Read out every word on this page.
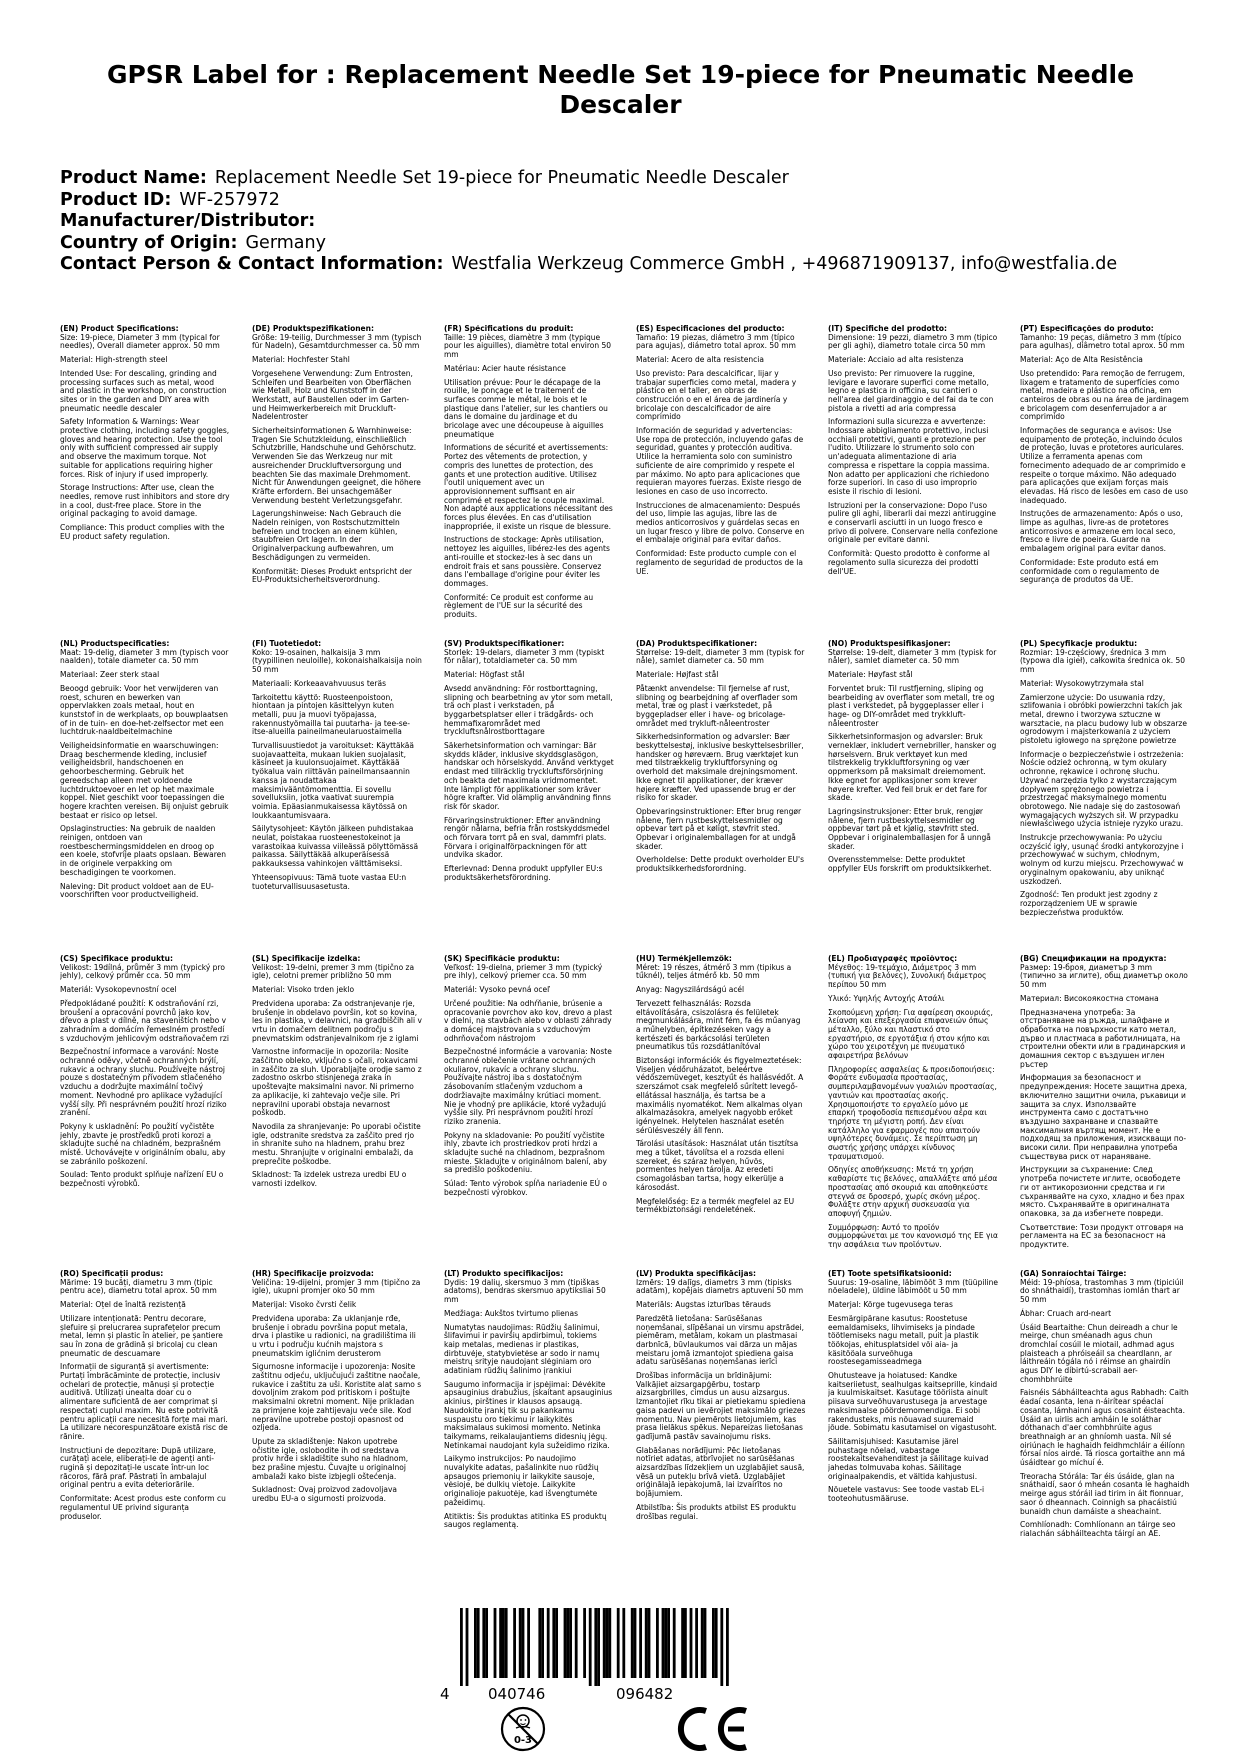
GPSR Label for : Replacement Needle Set 19-piece for Pneumatic Needle Descaler
Product Name: Replacement Needle Set 19-piece for Pneumatic Needle Descaler
Product ID: WF-257972
Manufacturer/Distributor:
Country of Origin: Germany
Contact Person & Contact Information: Westfalia Werkzeug Commerce GmbH , +496871909137, info@westfalia.de

(EN) Product Specifications:

Size: 19-piece, Diameter 3 mm (typical for needles), Overall diameter approx. 50 mm

Material: High-strength steel

Intended Use: For descaling, grinding and processing surfaces such as metal, wood and plastic in the workshop, on construction sites or in the garden and DIY area with pneumatic needle descaler

Safety Information & Warnings: Wear protective clothing, including safety goggles, gloves and hearing protection. Use the tool only with sufficient compressed air supply and observe the maximum torque. Not suitable for applications requiring higher forces. Risk of injury if used improperly.

Storage Instructions: After use, clean the needles, remove rust inhibitors and store dry in a cool, dust-free place. Store in the original packaging to avoid damage.

Compliance: This product complies with the EU product safety regulation.

(DE) Produktspezifikationen:

Größe: 19-teilig, Durchmesser 3 mm (typisch für Nadeln), Gesamtdurchmesser ca. 50 mm

Material: Hochfester Stahl

Vorgesehene Verwendung: Zum Entrosten, Schleifen und Bearbeiten von Oberflächen wie Metall, Holz und Kunststoff in der Werkstatt, auf Baustellen oder im Garten- und Heimwerkerbereich mit Druckluft-Nadelentroster

Sicherheitsinformationen & Warnhinweise: Tragen Sie Schutzkleidung, einschließlich Schutzbrille, Handschuhe und Gehörschutz. Verwenden Sie das Werkzeug nur mit ausreichender Druckluftversorgung und beachten Sie das maximale Drehmoment. Nicht für Anwendungen geeignet, die höhere Kräfte erfordern. Bei unsachgemäßer Verwendung besteht Verletzungsgefahr.

Lagerungshinweise: Nach Gebrauch die Nadeln reinigen, von Rostschutzmitteln befreien und trocken an einem kühlen, staubfreien Ort lagern. In der Originalverpackung aufbewahren, um Beschädigungen zu vermeiden.

Konformität: Dieses Produkt entspricht der EU-Produktsicherheitsverordnung.

(FR) Spécifications du produit:

Taille: 19 pièces, diamètre 3 mm (typique pour les aiguilles), diamètre total environ 50 mm

Matériau: Acier haute résistance

Utilisation prévue: Pour le décapage de la rouille, le ponçage et le traitement de surfaces comme le métal, le bois et le plastique dans l'atelier, sur les chantiers ou dans le domaine du jardinage et du bricolage avec une découpeuse à aiguilles pneumatique

Informations de sécurité et avertissements: Portez des vêtements de protection, y compris des lunettes de protection, des gants et une protection auditive. Utilisez l'outil uniquement avec un approvisionnement suffisant en air comprimé et respectez le couple maximal. Non adapté aux applications nécessitant des forces plus élevées. En cas d'utilisation inappropriée, il existe un risque de blessure.

Instructions de stockage: Après utilisation, nettoyez les aiguilles, libérez-les des agents anti-rouille et stockez-les à sec dans un endroit frais et sans poussière. Conservez dans l'emballage d'origine pour éviter les dommages.

Conformité: Ce produit est conforme au règlement de l'UE sur la sécurité des produits.

(ES) Especificaciones del producto:

Tamaño: 19 piezas, diámetro 3 mm (típico para agujas), diámetro total aprox. 50 mm

Material: Acero de alta resistencia

Uso previsto: Para descalcificar, lijar y trabajar superficies como metal, madera y plástico en el taller, en obras de construcción o en el área de jardinería y bricolaje con descalcificador de aire comprimido

Información de seguridad y advertencias: Use ropa de protección, incluyendo gafas de seguridad, guantes y protección auditiva. Utilice la herramienta solo con suministro suficiente de aire comprimido y respete el par máximo. No apto para aplicaciones que requieran mayores fuerzas. Existe riesgo de lesiones en caso de uso incorrecto.

Instrucciones de almacenamiento: Después del uso, limpie las agujas, libre las de medios anticorrosivos y guárdelas secas en un lugar fresco y libre de polvo. Conserve en el embalaje original para evitar daños.

Conformidad: Este producto cumple con el reglamento de seguridad de productos de la UE.

(IT) Specifiche del prodotto:

Dimensione: 19 pezzi, diametro 3 mm (tipico per gli aghi), diametro totale circa 50 mm

Materiale: Acciaio ad alta resistenza

Uso previsto: Per rimuovere la ruggine, levigare e lavorare superfici come metallo, legno e plastica in officina, su cantieri o nell'area del giardinaggio e del fai da te con pistola a rivetti ad aria compressa

Informazioni sulla sicurezza e avvertenze: Indossare abbigliamento protettivo, inclusi occhiali protettivi, guanti e protezione per l'udito. Utilizzare lo strumento solo con un'adeguata alimentazione di aria compressa e rispettare la coppia massima. Non adatto per applicazioni che richiedono forze superiori. In caso di uso improprio esiste il rischio di lesioni.

Istruzioni per la conservazione: Dopo l'uso pulire gli aghi, liberarli dai mezzi antiruggine e conservarli asciutti in un luogo fresco e privo di polvere. Conservare nella confezione originale per evitare danni.

Conformità: Questo prodotto è conforme al regolamento sulla sicurezza dei prodotti dell'UE.

(PT) Especificações do produto:

Tamanho: 19 peças, diâmetro 3 mm (típico para agulhas), diâmetro total aprox. 50 mm

Material: Aço de Alta Resistência

Uso pretendido: Para remoção de ferrugem, lixagem e tratamento de superfícies como metal, madeira e plástico na oficina, em canteiros de obras ou na área de jardinagem e bricolagem com desenferrujador a ar comprimido

Informações de segurança e avisos: Use equipamento de proteção, incluindo óculos de proteção, luvas e protetores auriculares. Utilize a ferramenta apenas com fornecimento adequado de ar comprimido e respeite o torque máximo. Não adequado para aplicações que exijam forças mais elevadas. Há risco de lesões em caso de uso inadequado.

Instruções de armazenamento: Após o uso, limpe as agulhas, livre-as de protetores anticorrosivos e armazene em local seco, fresco e livre de poeira. Guarde na embalagem original para evitar danos.

Conformidade: Este produto está em conformidade com o regulamento de segurança de produtos da UE.

(NL) Productspecificaties:

Maat: 19-delig, diameter 3 mm (typisch voor naalden), totale diameter ca. 50 mm

Materiaal: Zeer sterk staal

Beoogd gebruik: Voor het verwijderen van roest, schuren en bewerken van oppervlakken zoals metaal, hout en kunststof in de werkplaats, op bouwplaatsen of in de tuin- en doe-het-zelfsector met een luchtdruk-naaldbeitelmachine

Veiligheidsinformatie en waarschuwingen: Draag beschermende kleding, inclusief veiligheidsbril, handschoenen en gehoorbescherming. Gebruik het gereedschap alleen met voldoende luchtdruktoevoer en let op het maximale koppel. Niet geschikt voor toepassingen die hogere krachten vereisen. Bij onjuist gebruik bestaat er risico op letsel.

Opslaginstructies: Na gebruik de naalden reinigen, ontdoen van roestbeschermingsmiddelen en droog op een koele, stofvrije plaats opslaan. Bewaren in de originele verpakking om beschadigingen te voorkomen.

Naleving: Dit product voldoet aan de EU-voorschriften voor productveiligheid.

(FI) Tuotetiedot:

Koko: 19-osainen, halkaisija 3 mm (tyypillinen neuloille), kokonaishalkaisija noin 50 mm

Materiaali: Korkeaavahvuusus teräs

Tarkoitettu käyttö: Ruosteenpoistoon, hiontaan ja pintojen käsittelyyn kuten metalli, puu ja muovi työpajassa, rakennustyömailla tai puutarha- ja tee-se-itse-alueilla paineilmaneularuostaimella

Turvallisuustiedot ja varoitukset: Käyttäkää suojavaatteita, mukaan lukien suojalasit, käsineet ja kuulonsuojaimet. Käyttäkää työkalua vain riittävän paineilmansaannin kanssa ja noudattakaa maksimivääntömomenttia. Ei sovellu sovelluksiin, jotka vaativat suurempia voimia. Epäasianmukaisessa käytössä on loukkaantumisvaara.

Säilytysohjeet: Käytön jälkeen puhdistakaa neulat, poistakaa ruosteenestokeinot ja varastoikaa kuivassa viileässä pölyttömässä paikassa. Säilyttäkää alkuperäisessä pakkauksessa vahinkojen välttämiseksi.

Yhteensopivuus: Tämä tuote vastaa EU:n tuoteturvallisuusasetusta.

(SV) Produktspecifikationer:

Storlek: 19-delars, diameter 3 mm (typiskt för nålar), totaldiameter ca. 50 mm

Material: Högfast stål

Avsedd användning: För rostborttagning, slipning och bearbetning av ytor som metall, trä och plast i verkstaden, på byggarbetsplatser eller i trädgårds- och hemmafixarområdet med tryckluftsnålrostborttagare

Säkerhetsinformation och varningar: Bär skydds kläder, inklusive skyddsglasögon, handskar och hörselskydd. Använd verktyget endast med tillräcklig tryckluftsförsörjning och beakta det maximala vridmomentet. Inte lämpligt för applikationer som kräver högre krafter. Vid olämplig användning finns risk för skador.

Förvaringsinstruktioner: Efter användning rengör nålarna, befria från rostskyddsmedel och förvara torrt på en sval, dammfri plats. Förvara i originalförpackningen för att undvika skador.

Efterlevnad: Denna produkt uppfyller EU:s produktsäkerhetsförordning.

(DA) Produktspecifikationer:

Størrelse: 19-delt, diameter 3 mm (typisk for nåle), samlet diameter ca. 50 mm

Materiale: Højfast stål

Påtænkt anvendelse: Til fjernelse af rust, slibning og bearbejdning af overflader som metal, træ og plast i værkstedet, på byggepladser eller i have- og bricolage-området med trykluft-nåleentroster

Sikkerhedsinformation og advarsler: Bær beskyttelsestøj, inklusive beskyttelsesbriller, handsker og høreværn. Brug værktøjet kun med tilstrækkelig trykluftforsyning og overhold det maksimale drejningsmoment. Ikke egnet til applikationer, der kræver højere kræfter. Ved upassende brug er der risiko for skader.

Opbevaringsinstruktioner: Efter brug rengør nålene, fjern rustbeskyttelsesmidler og opbevar tørt på et køligt, støvfrit sted. Opbevar i originalemballagen for at undgå skader.

Overholdelse: Dette produkt overholder EU's produktsikkerhedsforordning.

(NO) Produktspesifikasjoner:

Størrelse: 19-delt, diameter 3 mm (typisk for nåler), samlet diameter ca. 50 mm

Materiale: Høyfast stål

Forventet bruk: Til rustfjerning, sliping og bearbeiding av overflater som metall, tre og plast i verkstedet, på byggeplasser eller i hage- og DIY-området med trykkluft-nåleentroster

Sikkerhetsinformasjon og advarsler: Bruk verneklær, inkludert vernebriller, hansker og hørselsvern. Bruk verktøyet kun med tilstrekkelig trykkluftforsyning og vær oppmerksom på maksimalt dreiemoment. Ikke egnet for applikasjoner som krever høyere krefter. Ved feil bruk er det fare for skade.

Lagringsinstruksjoner: Etter bruk, rengjør nålene, fjern rustbeskyttelsesmidler og oppbevar tørt på et kjølig, støvfritt sted. Oppbevar i originalemballasjen for å unngå skader.

Overensstemmelse: Dette produktet oppfyller EUs forskrift om produktsikkerhet.

(PL) Specyfikacje produktu:

Rozmiar: 19-częściowy, średnica 3 mm (typowa dla igieł), całkowita średnica ok. 50 mm

Materiał: Wysokowytrzymała stal

Zamierzone użycie: Do usuwania rdzy, szlifowania i obróbki powierzchni takich jak metal, drewno i tworzywa sztuczne w warsztacie, na placu budowy lub w obszarze ogrodowym i majsterkowania z użyciem pistoletu igłowego na sprężone powietrze

Informacje o bezpieczeństwie i ostrzeżenia: Noście odzież ochronną, w tym okulary ochronne, rękawice i ochronę słuchu. Używać narzędzia tylko z wystarczającym dopływem sprężonego powietrza i przestrzegać maksymalnego momentu obrotowego. Nie nadaje się do zastosowań wymagających wyższych sił. W przypadku niewłaściwego użycia istnieje ryzyko urazu.

Instrukcje przechowywania: Po użyciu oczyścić igły, usunąć środki antykorozyjne i przechowywać w suchym, chłodnym, wolnym od kurzu miejscu. Przechowywać w oryginalnym opakowaniu, aby uniknąć uszkodzeń.

Zgodność: Ten produkt jest zgodny z rozporządzeniem UE w sprawie bezpieczeństwa produktów.

(CS) Specifikace produktu:

Velikost: 19dílná, průměr 3 mm (typický pro jehly), celkový průměr cca. 50 mm

Materiál: Vysokopevnostní ocel

Předpokládané použití: K odstraňování rzi, broušení a opracování povrchů jako kov, dřevo a plast v dílně, na staveništích nebo v zahradním a domácím řemeslném prostředí s vzduchovým jehlicovým odstraňovačem rzi

Bezpečnostní informace a varování: Noste ochranné oděvy, včetně ochranných brýlí, rukavic a ochrany sluchu. Používejte nástroj pouze s dostatečným přívodem stlačeného vzduchu a dodržujte maximální točivý moment. Nevhodné pro aplikace vyžadující vyšší síly. Při nesprávném použití hrozí riziko zranění.

Pokyny k uskladnění: Po použití vyčistěte jehly, zbavte je prostředků proti korozi a skladujte suché na chladném, bezprašném místě. Uchovávejte v originálním obalu, aby se zabránilo poškození.

Soulad: Tento produkt splňuje nařízení EU o bezpečnosti výrobků.

(SL) Specifikacije izdelka:

Velikost: 19-delni, premer 3 mm (tipično za igle), celotni premer približno 50 mm

Material: Visoko trden jeklo

Predvidena uporaba: Za odstranjevanje rje, brušenje in obdelavo površin, kot so kovina, les in plastika, v delavnici, na gradbiščih ali v vrtu in domačem delitnem področju s pnevmatskim odstranjevalnikom rje z iglami

Varnostne informacije in opozorila: Nosite zaščitno obleko, vključno s očali, rokavicami in zaščito za sluh. Uporabljajte orodje samo z zadostno oskrbo stisnjenega zraka in upoštevajte maksimalni navor. Ni primerno za aplikacije, ki zahtevajo večje sile. Pri nepravilni uporabi obstaja nevarnost poškodb.

Navodila za shranjevanje: Po uporabi očistite igle, odstranite sredstva za zaščito pred rjo in shranite suho na hladnem, prahu brez mestu. Shranjujte v originalni embalaži, da preprečite poškodbe.

Skladnost: Ta izdelek ustreza uredbi EU o varnosti izdelkov.

(SK) Špecifikácie produktu:

Veľkosť: 19-dielna, priemer 3 mm (typický pre ihly), celkový priemer cca. 50 mm

Materiál: Vysoko pevná oceľ

Určené použitie: Na odhŕňanie, brúsenie a opracovanie povrchov ako kov, drevo a plast v dielni, na stavbách alebo v oblasti záhrady a domácej majstrovania s vzduchovým odhrňovačom nástrojom

Bezpečnostné informácie a varovania: Noste ochranné oblečenie vrátane ochranných okuliarov, rukavíc a ochrany sluchu. Používajte nástroj iba s dostatočným zásobovaním stlačeným vzduchom a dodržiavajte maximálny krútiaci moment. Nie je vhodný pre aplikácie, ktoré vyžadujú vyššie sily. Pri nesprávnom použití hrozí riziko zranenia.

Pokyny na skladovanie: Po použití vyčistite ihly, zbavte ich prostriedkov proti hrdzi a skladujte suché na chladnom, bezprašnom mieste. Skladujte v originálnom balení, aby sa predišlo poškodeniu.

Súlad: Tento výrobok spĺňa nariadenie EÚ o bezpečnosti výrobkov.

(HU) Termékjellemzők:

Méret: 19 részes, átmérő 3 mm (tipikus a tűknél), teljes átmérő kb. 50 mm

Anyag: Nagyszilárdságú acél

Tervezett felhasználás: Rozsda eltávolítására, csiszolásra és felületek megmunkálására, mint fém, fa és műanyag a műhelyben, építkezéseken vagy a kertészeti és barkácsolási területen pneumatikus tűs rozsdátlanítóval

Biztonsági információk és figyelmeztetések: Viseljen védőruházatot, beleértve védőszemüveget, kesztyűt és hallásvédőt. A szerszámot csak megfelelő sűrített levegő-ellátással használja, és tartsa be a maximális nyomatékot. Nem alkalmas olyan alkalmazásokra, amelyek nagyobb erőket igényelnek. Helytelen használat esetén sérülésveszély áll fenn.

Tárolási utasítások: Használat után tisztítsa meg a tűket, távolítsa el a rozsda elleni szereket, és száraz helyen, hűvös, pormentes helyen tárolja. Az eredeti csomagolásban tartsa, hogy elkerülje a károsodást.

Megfelelőség: Ez a termék megfelel az EU termékbiztonsági rendeletének.

(EL) Προδιαγραφές προϊόντος:

Μέγεθος: 19-τεμάχιο, Διάμετρος 3 mm (τυπική για βελόνες), Συνολική διάμετρος περίπου 50 mm

Υλικό: Υψηλής Αντοχής Ατσάλι

Σκοπούμενη χρήση: Για αφαίρεση σκουριάς, λείανση και επεξεργασία επιφανειών όπως μέταλλο, ξύλο και πλαστικό στο εργαστήριο, σε εργοτάξια ή στον κήπο και χώρο του χειροτέχνη με πνευματικό αφαιρετήρα βελόνων

Πληροφορίες ασφαλείας & προειδοποιήσεις: Φοράτε ενδυμασία προστασίας, συμπεριλαμβανομένων γυαλιών προστασίας, γαντιών και προστασίας ακοής. Χρησιμοποιήστε το εργαλείο μόνο με επαρκή τροφοδοσία πεπιεσμένου αέρα και τηρήστε τη μέγιστη ροπή. Δεν είναι κατάλληλο για εφαρμογές που απαιτούν υψηλότερες δυνάμεις. Σε περίπτωση μη σωστής χρήσης υπάρχει κίνδυνος τραυματισμού.

Οδηγίες αποθήκευσης: Μετά τη χρήση καθαρίστε τις βελόνες, απαλλάξτε από μέσα προστασίας από σκουριά και αποθηκεύστε στεγνά σε δροσερό, χωρίς σκόνη μέρος. Φυλάξτε στην αρχική συσκευασία για αποφυγή ζημιών.

Συμμόρφωση: Αυτό το προϊόν συμμορφώνεται με τον κανονισμό της ΕΕ για την ασφάλεια των προϊόντων.

(BG) Спецификации на продукта:

Размер: 19-броя, диаметър 3 mm (типично за иглите), общ диаметър около 50 mm

Материал: Високоякостна стомана

Предназначена употреба: За отстраняване на ръжда, шлайфане и обработка на повърхности като метал, дърво и пластмаса в работилницата, на строителни обекти или в градинарския и домашния сектор с въздушен иглен ръстер

Информация за безопасност и предупреждения: Носете защитна дреха, включително защитни очила, ръкавици и защита за слух. Използвайте инструмента само с достатъчно въздушно захранване и спазвайте максималния въртящ момент. Не е подходящ за приложения, изискващи по-високи сили. При неправилна употреба съществува риск от нараняване.

Инструкции за съхранение: След употреба почистете иглите, освободете ги от антикорозионни средства и ги съхранявайте на сухо, хладно и без прах място. Съхранявайте в оригиналната опаковка, за да избегнете повреди.

Съответствие: Този продукт отговаря на регламента на ЕС за безопасност на продуктите.

(RO) Specificații produs:

Mărime: 19 bucăți, diametru 3 mm (tipic pentru ace), diametru total aprox. 50 mm

Material: Oțel de înaltă rezistență

Utilizare intenționată: Pentru decorare, șlefuire și prelucrarea suprafețelor precum metal, lemn și plastic în atelier, pe șantiere sau în zona de grădină și bricolaj cu clean pneumatic de descuamare

Informații de siguranță și avertismente: Purtați îmbrăcăminte de protecție, inclusiv ochelari de protecție, mănuși și protecție auditivă. Utilizați unealta doar cu o alimentare suficientă de aer comprimat și respectați cuplul maxim. Nu este potrivită pentru aplicații care necesită forțe mai mari. La utilizare necorespunzătoare există risc de rănire.

Instrucțiuni de depozitare: După utilizare, curățați acele, eliberați-le de agenți anti-rugină și depozitați-le uscate într-un loc răcoros, fără praf. Păstrați în ambalajul original pentru a evita deteriorările.

Conformitate: Acest produs este conform cu regulamentul UE privind siguranța produselor.

(HR) Specifikacije proizvoda:

Veličina: 19-dijelni, promjer 3 mm (tipično za igle), ukupni promjer oko 50 mm

Materijal: Visoko čvrsti čelik

Predviđena uporaba: Za uklanjanje rđe, brušenje i obradu površina poput metala, drva i plastike u radionici, na gradilištima ili u vrtu i području kućnih majstora s pneumatskim iglićnim derusterom

Sigurnosne informacije i upozorenja: Nosite zaštitnu odjeću, uključujući zaštitne naočale, rukavice i zaštitu za uši. Koristite alat samo s dovoljnim zrakom pod pritiskom i poštujte maksimalni okretni moment. Nije prikladan za primjene koje zahtijevaju veće sile. Kod nepravilne upotrebe postoji opasnost od ozljeda.

Upute za skladištenje: Nakon upotrebe očistite igle, oslobodite ih od sredstava protiv hrđe i skladištite suho na hladnom, bez prašine mjestu. Čuvajte u originalnoj ambalaži kako biste izbjegli oštećenja.

Sukladnost: Ovaj proizvod zadovoljava uredbu EU-a o sigurnosti proizvoda.

(LT) Produkto specifikacijos:

Dydis: 19 dalių, skersmuo 3 mm (tipiškas adatoms), bendras skersmuo apytiksliai 50 mm

Medžiaga: Aukštos tvirtumo plienas

Numatytas naudojimas: Rūdžių šalinimui, šlifavimui ir paviršių apdirbimui, tokiems kaip metalas, medienas ir plastikas, dirbtuvėje, statybvietėse ar sodo ir namų meistrų srityje naudojant slėginiam oro adatiniam rūdžių šalinimo įrankiui

Saugumo informacija ir įspėjimai: Dėvėkite apsauginius drabužius, įskaitant apsauginius akinius, pirštines ir klausos apsaugą. Naudokite įrankį tik su pakankamu suspaustu oro tiekimu ir laikykitės maksimalaus sukimosi momento. Netinka taikymams, reikalaujantiems didesnių jėgų. Netinkamai naudojant kyla sužeidimo rizika.

Laikymo instrukcijos: Po naudojimo nuvalykite adatas, pašalinkite nuo rūdžių apsaugos priemonių ir laikykite sausoje, vėsioje, be dulkių vietoje. Laikykite originalioje pakuotėje, kad išvengtumėte pažeidimų.

Atitiktis: Šis produktas atitinka ES produktų saugos reglamentą.

(LV) Produkta specifikācijas:

Izmērs: 19 daļīgs, diametrs 3 mm (tipisks adatām), kopējais diametrs aptuveni 50 mm

Materiāls: Augstas izturības tērauds

Paredzētā lietošana: Sarūsēšanas noņemšanai, slīpēšanai un virsmu apstrādei, piemēram, metālam, kokam un plastmasai darbnīcā, būvlaukumos vai dārza un mājas meistaru jomā izmantojot spiediena gaisa adatu sarūsēšanas noņemšanas ierīci

Drošības informācija un brīdinājumi: Valkājiet aizsargapģērbu, tostarp aizsargbrilles, cimdus un ausu aizsargus. Izmantojiet rīku tikai ar pietiekamu spiediena gaisa padevi un ievērojiet maksimālo griezes momentu. Nav piemērots lietojumiem, kas prasa lielākus spēkus. Nepareizas lietošanas gadījumā pastāv savainojumu risks.

Glabāšanas norādījumi: Pēc lietošanas notīriet adatas, atbrīvojiet no sarūsēšanas aizsardzības līdzekļiem un uzglabājiet sausā, vēsā un putekļu brīvā vietā. Uzglabājiet oriģinālajā iepakojumā, lai izvairītos no bojājumiem.

Atbilstība: Šis produkts atbilst ES produktu drošības regulai.

(ET) Toote spetsifikatsioonid:

Suurus: 19-osaline, läbimõõt 3 mm (tüüpiline nõeladele), üldine läbimõõt u 50 mm

Materjal: Kõrge tugevusega teras

Eesmärgipärane kasutus: Roostetuse eemaldamiseks, lihvimiseks ja pindade töötlemiseks nagu metall, puit ja plastik töökojas, ehitusplatsidel või aia- ja käsitööala surveõhuga roostesegamisseadmega

Ohutusteave ja hoiatused: Kandke kaitseriietust, sealhulgas kaitseprille, kindaid ja kuulmiskaitset. Kasutage tööriista ainult piisava surveõhuvarustusega ja arvestage maksimaalse pöördemomendiga. Ei sobi rakendusteks, mis nõuavad suuremaid jõude. Sobimatu kasutamisel on vigastusoht.

Säilitamisjuhised: Kasutamise järel puhastage nõelad, vabastage roostekaitsevahenditest ja säilitage kuivad jahedas tolmuvaba kohas. Säilitage originaalpakendis, et vältida kahjustusi.

Nõuetele vastavus: See toode vastab EL-i tooteohutusmääruse.

(GA) Sonraíochtaí Táirge:

Méid: 19-phíosa, trastomhas 3 mm (tipiciúil do shnáthaidí), trastomhas iomlán thart ar 50 mm

Ábhar: Cruach ard-neart

Úsáid Beartaithe: Chun deireadh a chur le meirge, chun sméanadh agus chun dromchlaí cosúil le miotail, adhmad agus plaisteach a phróiseáil sa cheardlann, ar láithreáin tógála nó i réimse an ghairdín agus DIY le díbirtú-scrabail aer-chomhbhrúite

Faisnéis Sábháilteachta agus Rabhadh: Caith éadaí cosanta, lena n-áirítear spéaclaí cosanta, lámhainní agus cosaint éisteachta. Úsáid an uirlis ach amháin le soláthar dóthanach d'aer comhbhrúite agus breathnaigh ar an ghníomh uasta. Níl sé oiriúnach le haghaidh feidhmchláir a éilíonn fórsaí níos airde. Tá riosca gortaithe ann má úsáidtear go míchuí é.

Treoracha Stórála: Tar éis úsáide, glan na snáthaidí, saor ó mheán cosanta le haghaidh meirge agus stóráil iad tirim in áit fionnuar, saor ó dheannach. Coinnigh sa phacáistiú bunaidh chun damáiste a sheachaint.

Comhlíonadh: Comhlíonann an táirge seo rialachán sábháilteachta táirgí an AE.

4	040746	096482
0-3
